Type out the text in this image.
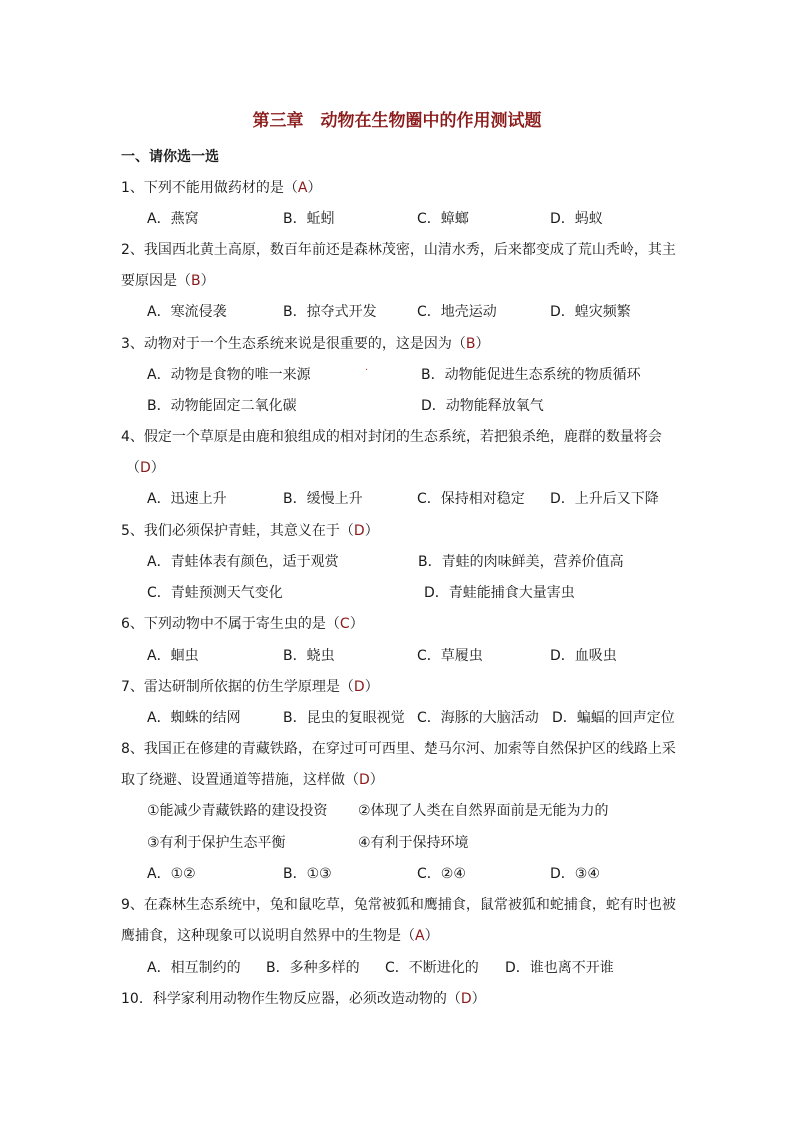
第三章　动物在生物圈中的作用测试题
一、请你选一选
1、下列不能用做药材的是（A）
A．燕窝	B．蚯蚓	C．蟑螂	D．蚂蚁
2、我国西北黄土高原，数百年前还是森林茂密，山清水秀，后来都变成了荒山秃岭，其主
要原因是（B）
A．寒流侵袭	B．掠夺式开发	C．地壳运动	D．蝗灾频繁
3、动物对于一个生态系统来说是很重要的，这是因为（B）
A．动物是食物的唯一来源	.	B．动物能促进生态系统的物质循环
B．动物能固定二氧化碳	D．动物能释放氧气
4、假定一个草原是由鹿和狼组成的相对封闭的生态系统，若把狼杀绝，鹿群的数量将会
（D）
A．迅速上升	B．缓慢上升	C．保持相对稳定 D．上升后又下降
5、我们必须保护青蛙，其意义在于（D）
A．青蛙体表有颜色，适于观赏	B．青蛙的肉味鲜美，营养价值高
C．青蛙预测天气变化	D．青蛙能捕食大量害虫
6、下列动物中不属于寄生虫的是（C）
A．蛔虫	B．蛲虫	C．草履虫	D．血吸虫
7、雷达研制所依据的仿生学原理是（D）
A．蜘蛛的结网	B．昆虫的复眼视觉 C．海豚的大脑活动 D．蝙蝠的回声定位
8、我国正在修建的青藏铁路，在穿过可可西里、楚马尔河、加索等自然保护区的线路上采
取了绕避、设置通道等措施，这样做（D）
①能减少青藏铁路的建设投资 ②体现了人类在自然界面前是无能为力的
③有利于保护生态平衡	④有利于保持环境
A．①②	B．①③	C．②④	D．③④
9、在森林生态系统中，兔和鼠吃草，兔常被狐和鹰捕食，鼠常被狐和蛇捕食，蛇有时也被
鹰捕食，这种现象可以说明自然界中的生物是（A）
A．相互制约的 B．多种多样的 C．不断进化的 D．谁也离不开谁
10．科学家利用动物作生物反应器，必须改造动物的（D）
